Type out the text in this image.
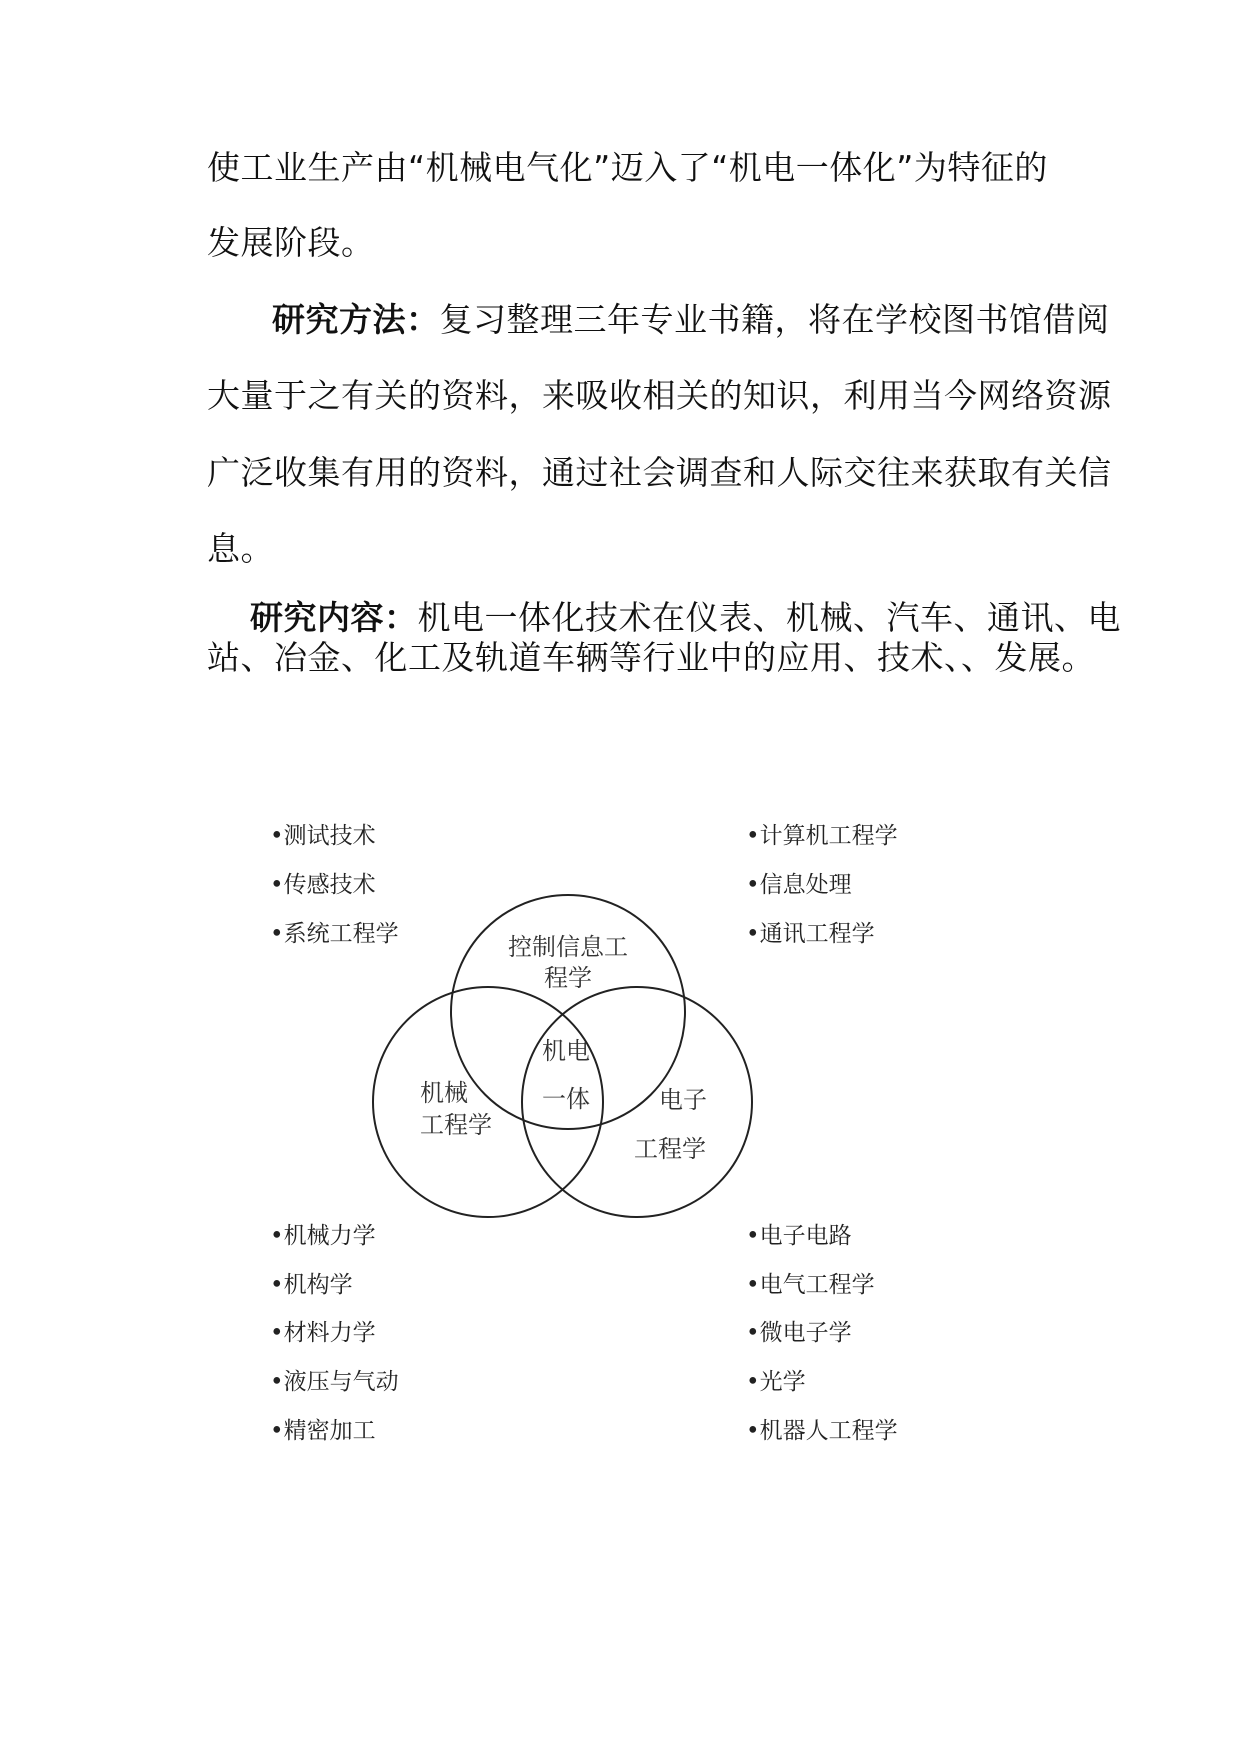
使工业生产由“机械电气化”迈入了“机电一体化”为特征的
发展阶段。
研究方法：复习整理三年专业书籍，将在学校图书馆借阅
大量于之有关的资料，来吸收相关的知识，利用当今网络资源
广泛收集有用的资料，通过社会调查和人际交往来获取有关信
息。
研究内容：机电一体化技术在仪表、机械、汽车、通讯、电
站、冶金、化工及轨道车辆等行业中的应用、技术、、发展。
•测试技术
•传感技术
•系统工程学
•计算机工程学
•信息处理
•通讯工程学
•机械力学
•机构学
•材料力学
•液压与气动
•精密加工
•电子电路
•电气工程学
•微电子学
•光学
•机器人工程学
控制信息工
程学
机械
工程学
电子
工程学
机电
一体
